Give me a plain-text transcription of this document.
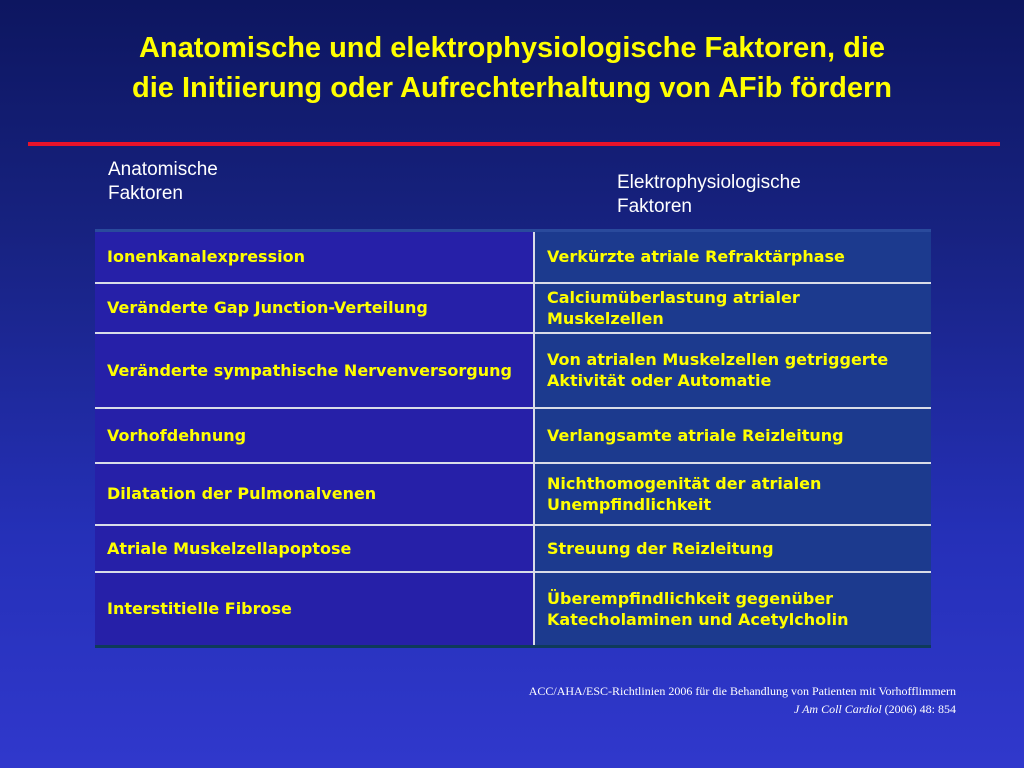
Anatomische und elektrophysiologische Faktoren, die
die Initiierung oder Aufrechterhaltung von AFib fördern
Anatomische
Faktoren
Elektrophysiologische
Faktoren
Ionenkanalexpression	Verkürzte atriale Refraktärphase
Veränderte Gap Junction-Verteilung	Calciumüberlastung atrialer Muskelzellen
Veränderte sympathische Nervenversorgung	Von atrialen Muskelzellen getriggerte Aktivität oder Automatie
Vorhofdehnung	Verlangsamte atriale Reizleitung
Dilatation der Pulmonalvenen	Nichthomogenität der atrialen Unempfindlichkeit
Atriale Muskelzellapoptose	Streuung der Reizleitung
Interstitielle Fibrose	Überempfindlichkeit gegenüber Katecholaminen und Acetylcholin
ACC/AHA/ESC-Richtlinien 2006 für die Behandlung von Patienten mit Vorhofflimmern
J Am Coll Cardiol (2006) 48: 854
